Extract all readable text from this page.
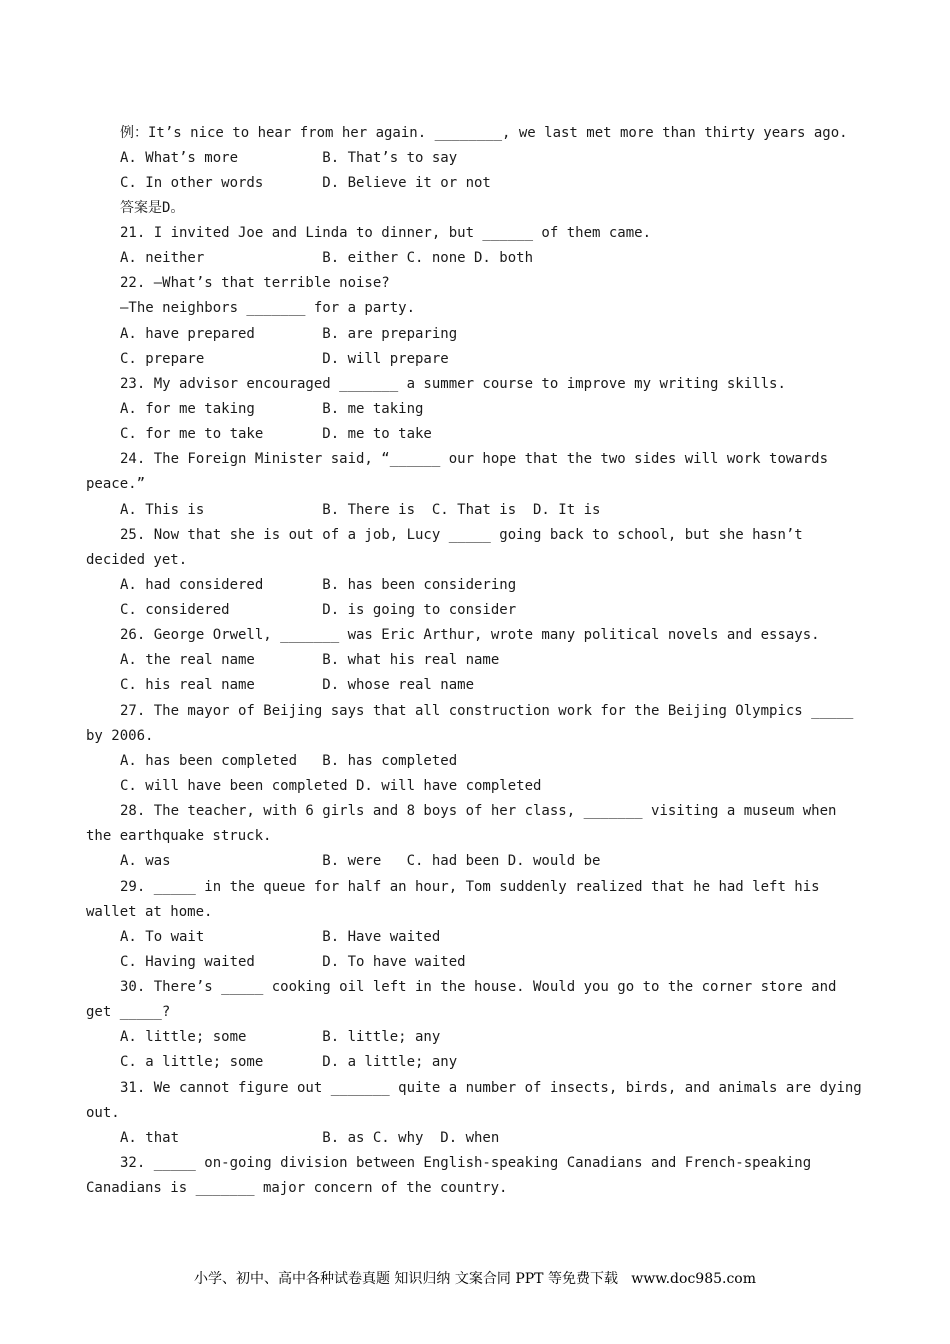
例：It’s nice to hear from her again. ________, we last met more than thirty years ago.
A. What’s more          B. That’s to say
C. In other words       D. Believe it or not
答案是D。
21. I invited Joe and Linda to dinner, but ______ of them came.
A. neither              B. either C. none D. both
22. —What’s that terrible noise?
—The neighbors _______ for a party.
A. have prepared        B. are preparing
C. prepare              D. will prepare
23. My advisor encouraged _______ a summer course to improve my writing skills.
A. for me taking        B. me taking
C. for me to take       D. me to take
24. The Foreign Minister said, “______ our hope that the two sides will work towards
peace.”
A. This is              B. There is  C. That is  D. It is
25. Now that she is out of a job, Lucy _____ going back to school, but she hasn’t
decided yet.
A. had considered       B. has been considering
C. considered           D. is going to consider
26. George Orwell, _______ was Eric Arthur, wrote many political novels and essays.
A. the real name        B. what his real name
C. his real name        D. whose real name
27. The mayor of Beijing says that all construction work for the Beijing Olympics _____
by 2006.
A. has been completed   B. has completed
C. will have been completed D. will have completed
28. The teacher, with 6 girls and 8 boys of her class, _______ visiting a museum when
the earthquake struck.
A. was                  B. were   C. had been D. would be
29. _____ in the queue for half an hour, Tom suddenly realized that he had left his
wallet at home.
A. To wait              B. Have waited
C. Having waited        D. To have waited
30. There’s _____ cooking oil left in the house. Would you go to the corner store and
get _____?
A. little; some         B. little; any
C. a little; some       D. a little; any
31. We cannot figure out _______ quite a number of insects, birds, and animals are dying
out.
A. that                 B. as C. why  D. when
32. _____ on-going division between English-speaking Canadians and French-speaking
Canadians is _______ major concern of the country.
小学、初中、高中各种试卷真题 知识归纳 文案合同 PPT 等免费下载   www.doc985.com
